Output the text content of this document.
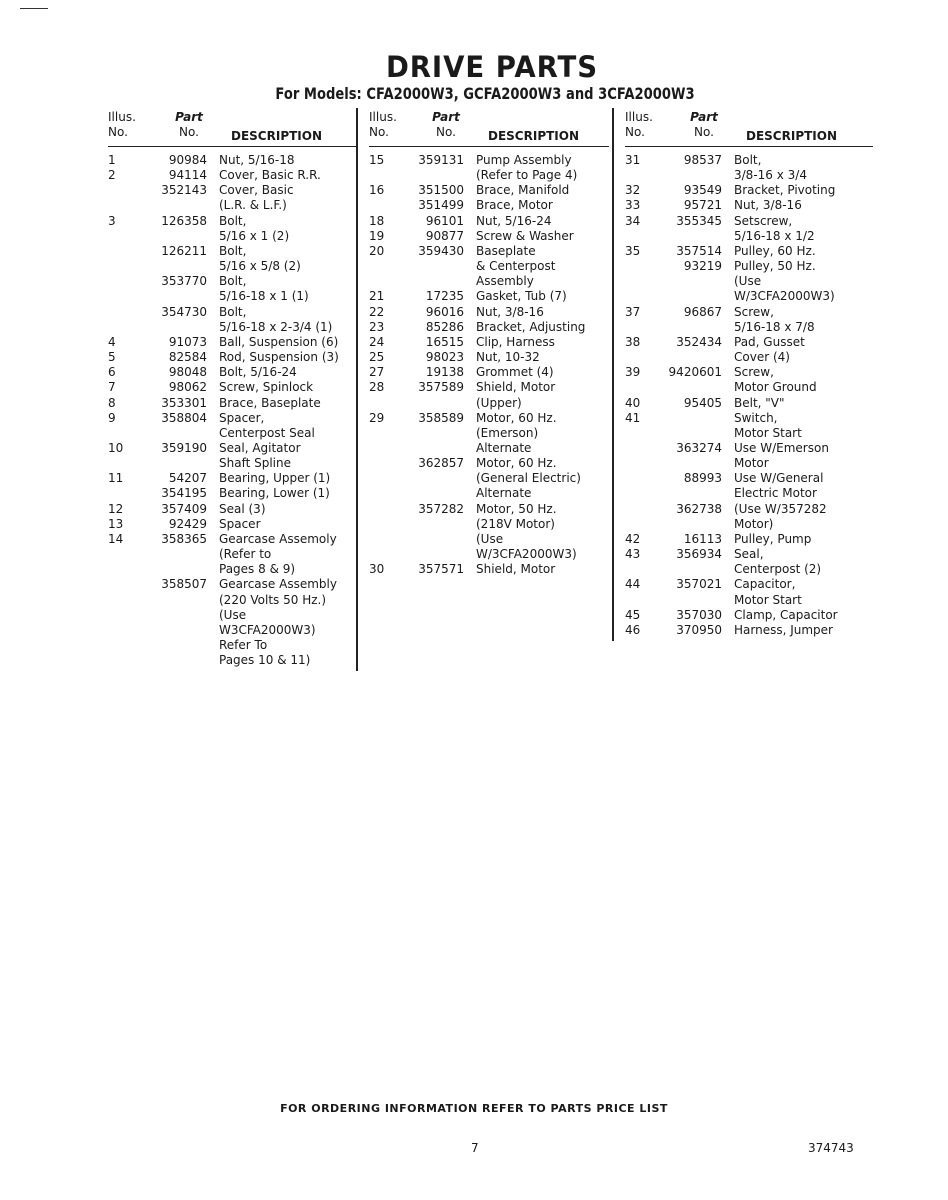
DRIVE PARTS
For Models: CFA2000W3, GCFA2000W3 and 3CFA2000W3
Illus.
No.
Part
No.	DESCRIPTION
1	90984 Nut, 5/16-18
2	94114 Cover, Basic R.R.
352143 Cover, Basic
(L.R. & L.F.)
3	126358 Bolt,
5/16 x 1 (2)
126211 Bolt,
5/16 x 5/8 (2)
353770 Bolt,
5/16-18 x 1 (1)
354730 Bolt,
5/16-18 x 2-3/4 (1)
4	91073 Ball, Suspension (6)
5	82584 Rod, Suspension (3)
6	98048 Bolt, 5/16-24
7	98062 Screw, Spinlock
8	353301 Brace, Baseplate
9	358804 Spacer,
Centerpost Seal
10	359190 Seal, Agitator
Shaft Spline
11	54207 Bearing, Upper (1)
354195 Bearing, Lower (1)
12	357409 Seal (3)
13	92429 Spacer
14	358365 Gearcase Assemoly
(Refer to
Pages 8 & 9)
358507 Gearcase Assembly
(220 Volts 50 Hz.)
(Use
W3CFA2000W3)
Refer To
Pages 10 & 11)
Illus.
No.
Part
No.	DESCRIPTION
15	359131 Pump Assembly
(Refer to Page 4)
16	351500 Brace, Manifold
351499 Brace, Motor
18	96101 Nut, 5/16-24
19	90877 Screw & Washer
20	359430 Baseplate
& Centerpost
Assembly
21	17235 Gasket, Tub (7)
22	96016 Nut, 3/8-16
23	85286 Bracket, Adjusting
24	16515 Clip, Harness
25	98023 Nut, 10-32
27	19138 Grommet (4)
28	357589 Shield, Motor
(Upper)
29	358589 Motor, 60 Hz.
(Emerson)
Alternate
362857 Motor, 60 Hz.
(General Electric)
Alternate
357282 Motor, 50 Hz.
(218V Motor)
(Use
W/3CFA2000W3)
30	357571 Shield, Motor
Illus.
No.
Part
No.	DESCRIPTION
31	98537 Bolt,
3/8-16 x 3/4
32	93549 Bracket, Pivoting
33	95721 Nut, 3/8-16
34	355345 Setscrew,
5/16-18 x 1/2
35	357514 Pulley, 60 Hz.
93219 Pulley, 50 Hz.
(Use
W/3CFA2000W3)
37	96867 Screw,
5/16-18 x 7/8
38	352434 Pad, Gusset
Cover (4)
39	9420601 Screw,
Motor Ground
40	95405 Belt, "V"
41	Switch,
Motor Start
363274 Use W/Emerson
Motor
88993 Use W/General
Electric Motor
362738 (Use W/357282
Motor)
42	16113 Pulley, Pump
43	356934 Seal,
Centerpost (2)
44	357021 Capacitor,
Motor Start
45	357030 Clamp, Capacitor
46	370950 Harness, Jumper
FOR ORDERING INFORMATION REFER TO PARTS PRICE LIST
7	374743
